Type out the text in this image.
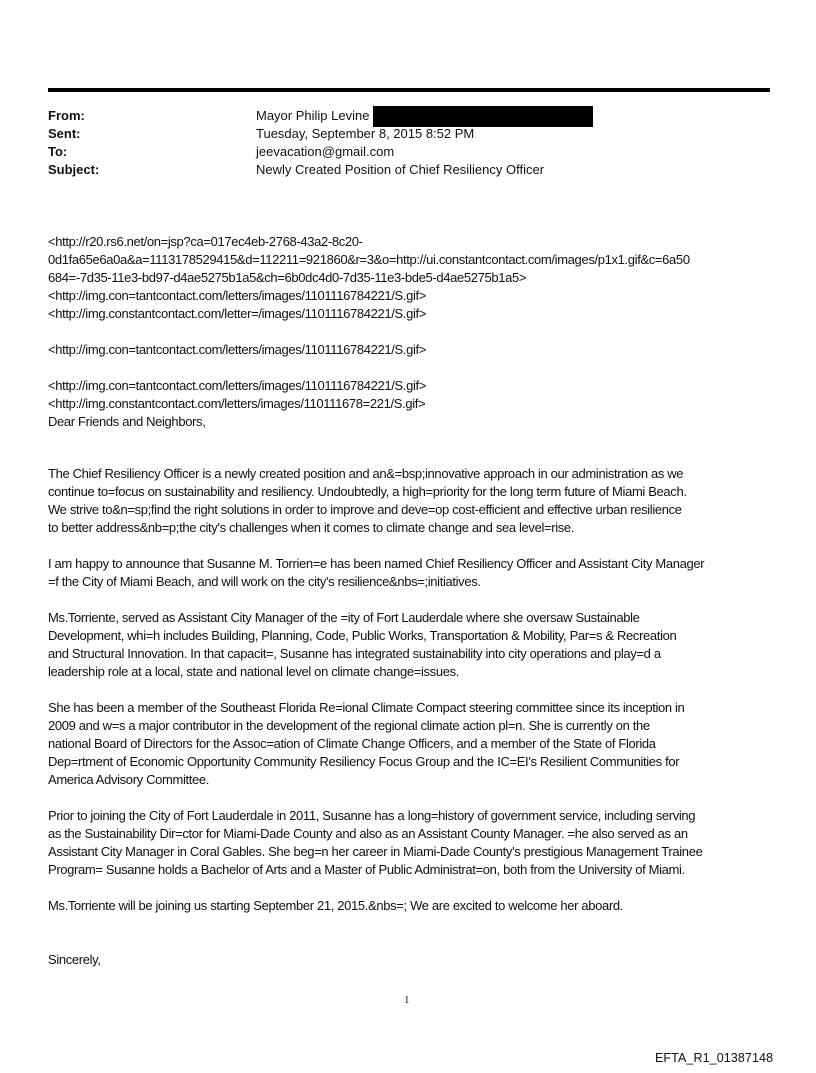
From:	Mayor Philip Levine
Sent:	Tuesday, September 8, 2015 8:52 PM
To:	jeevacation@gmail.com
Subject:	Newly Created Position of Chief Resiliency Officer
<http://r20.rs6.net/on=jsp?ca=017ec4eb-2768-43a2-8c20-
0d1fa65e6a0a&a=1113178529415&d=112211=921860&r=3&o=http://ui.constantcontact.com/images/p1x1.gif&c=6a50
684=-7d35-11e3-bd97-d4ae5275b1a5&ch=6b0dc4d0-7d35-11e3-bde5-d4ae5275b1a5>
<http://img.con=tantcontact.com/letters/images/1101116784221/S.gif>
<http://img.constantcontact.com/letter=/images/1101116784221/S.gif>
<http://img.con=tantcontact.com/letters/images/1101116784221/S.gif>
<http://img.con=tantcontact.com/letters/images/1101116784221/S.gif>
<http://img.constantcontact.com/letters/images/110111678=221/S.gif>
Dear Friends and Neighbors,
The Chief Resiliency Officer is a newly created position and an&=bsp;innovative approach in our administration as we
continue to=focus on sustainability and resiliency. Undoubtedly, a high=priority for the long term future of Miami Beach.
We strive to&n=sp;find the right solutions in order to improve and deve=op cost-efficient and effective urban resilience
to better address&nb=p;the city's challenges when it comes to climate change and sea level=rise.
I am happy to announce that Susanne M. Torrien=e has been named Chief Resiliency Officer and Assistant City Manager
=f the City of Miami Beach, and will work on the city's resilience&nbs=;initiatives.
Ms.Torriente, served as Assistant City Manager of the =ity of Fort Lauderdale where she oversaw Sustainable
Development, whi=h includes Building, Planning, Code, Public Works, Transportation & Mobility, Par=s & Recreation
and Structural Innovation. In that capacit=, Susanne has integrated sustainability into city operations and play=d a
leadership role at a local, state and national level on climate change=issues.
She has been a member of the Southeast Florida Re=ional Climate Compact steering committee since its inception in
2009 and w=s a major contributor in the development of the regional climate action pl=n. She is currently on the
national Board of Directors for the Assoc=ation of Climate Change Officers, and a member of the State of Florida
Dep=rtment of Economic Opportunity Community Resiliency Focus Group and the IC=EI's Resilient Communities for
America Advisory Committee.
Prior to joining the City of Fort Lauderdale in 2011, Susanne has a long=history of government service, including serving
as the Sustainability Dir=ctor for Miami-Dade County and also as an Assistant County Manager. =he also served as an
Assistant City Manager in Coral Gables. She beg=n her career in Miami-Dade County's prestigious Management Trainee
Program= Susanne holds a Bachelor of Arts and a Master of Public Administrat=on, both from the University of Miami.
Ms.Torriente will be joining us starting September 21, 2015.&nbs=; We are excited to welcome her aboard.
Sincerely,
1
EFTA_R1_01387148
